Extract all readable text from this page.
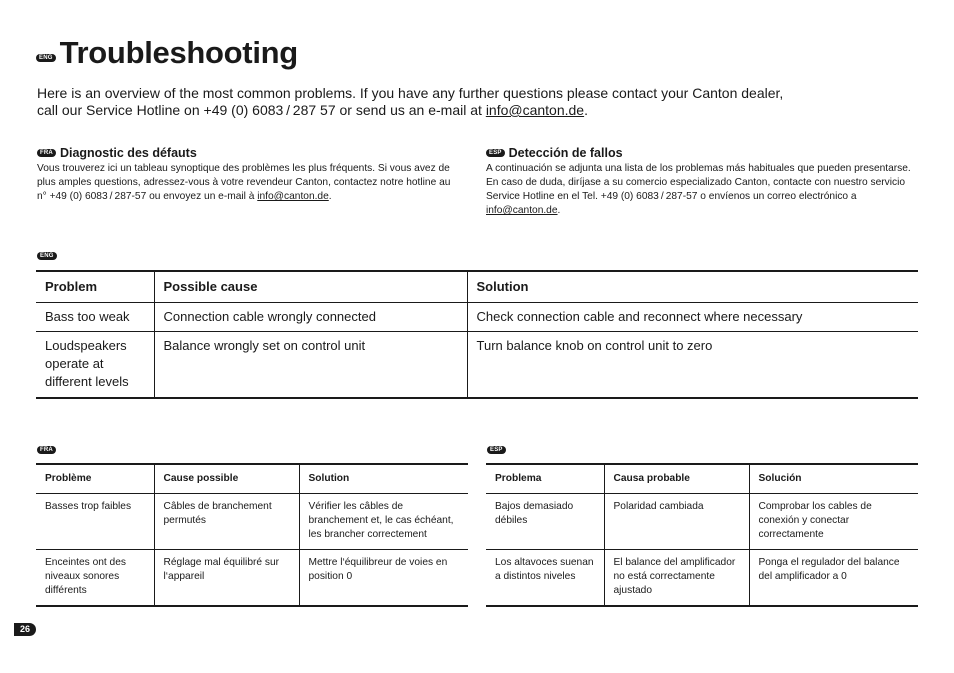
ENG Troubleshooting
Here is an overview of the most common problems. If you have any further questions please contact your Canton dealer,
call our Service Hotline on +49 (0) 6083 / 287 57 or send us an e-mail at info@canton.de.
FRA Diagnostic des défauts
Vous trouverez ici un tableau synoptique des problèmes les plus fréquents. Si vous avez de plus amples questions, adressez-vous à votre revendeur Canton, contactez notre hotline au n° +49 (0) 6083 / 287-57 ou envoyez un e-mail à info@canton.de.
ESP Detección de fallos
A continuación se adjunta una lista de los problemas más habituales que pueden presentarse. En caso de duda, diríjase a su comercio especializado Canton, contacte con nuestro servicio Service Hotline en el Tel. +49 (0) 6083 / 287-57 o envíenos un correo electrónico a info@canton.de.
ENG
Problem	Possible cause	Solution
Bass too weak	Connection cable wrongly connected	Check connection cable and reconnect where necessary
Loudspeakers operate at different levels	Balance wrongly set on control unit	Turn balance knob on control unit to zero
FRA
Problème	Cause possible	Solution
Basses trop faibles	Câbles de branchement permutés	Vérifier les câbles de branchement et, le cas échéant, les brancher correctement
Enceintes ont des niveaux sonores différents	Réglage mal équilibré sur l‘appareil	Mettre l‘équilibreur de voies en position 0
ESP
Problema	Causa probable	Solución
Bajos demasiado débiles	Polaridad cambiada	Comprobar los cables de conexión y conectar correctamente
Los altavoces suenan a distintos niveles	El balance del amplificador no está correctamente ajustado	Ponga el regulador del balance del amplificador a 0
26
